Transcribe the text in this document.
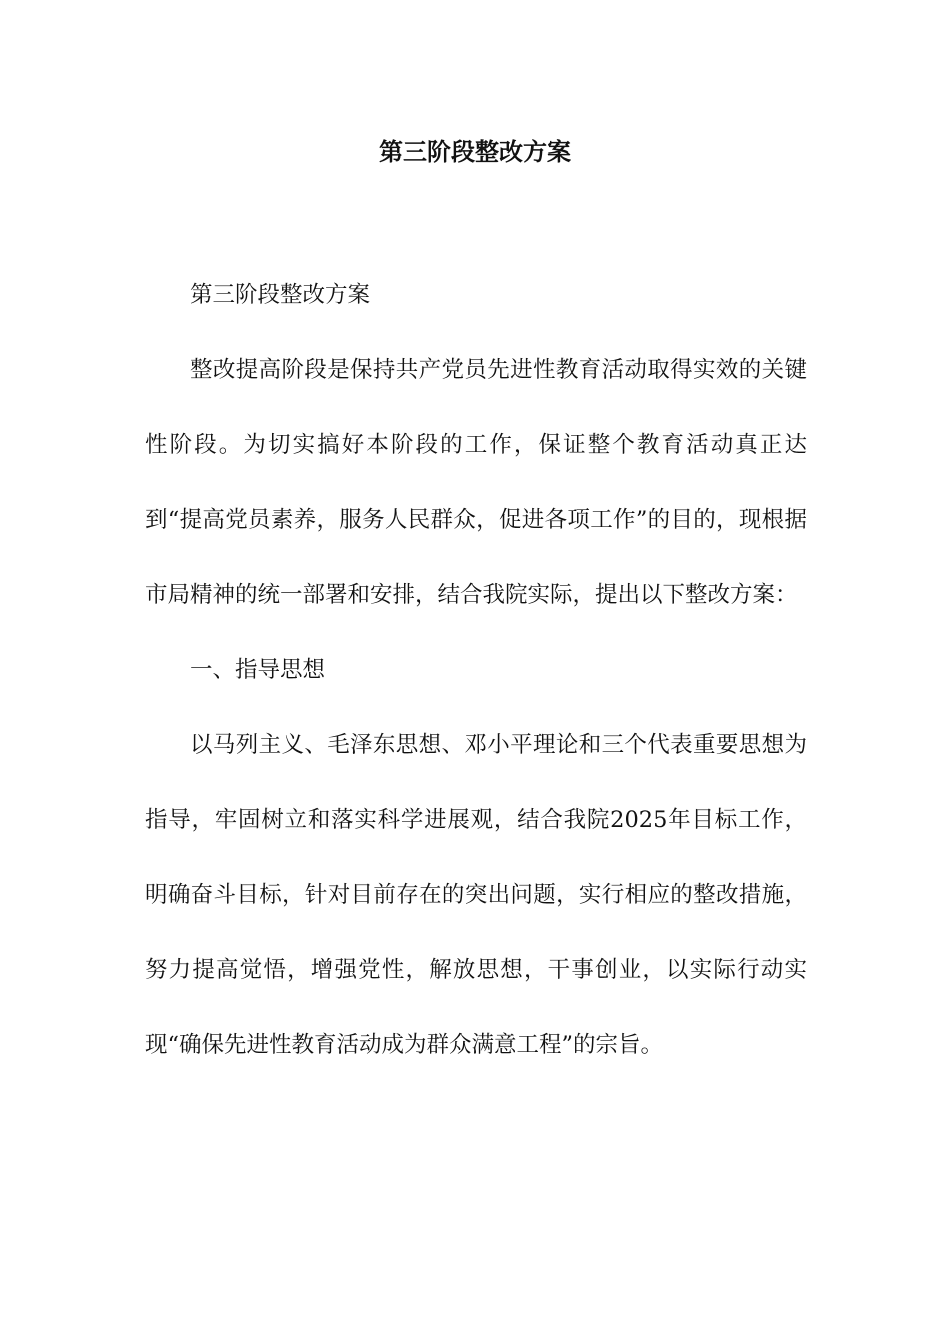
第三阶段整改方案

第三阶段整改方案

整改提高阶段是保持共产党员先进性教育活动取得实效的关键性阶段。为切实搞好本阶段的工作，保证整个教育活动真正达到“提高党员素养，服务人民群众，促进各项工作”的目的，现根据市局精神的统一部署和安排，结合我院实际，提出以下整改方案：

一、指导思想

以马列主义、毛泽东思想、邓小平理论和三个代表重要思想为指导，牢固树立和落实科学进展观，结合我院2025年目标工作，明确奋斗目标，针对目前存在的突出问题，实行相应的整改措施，努力提高觉悟，增强党性，解放思想，干事创业，以实际行动实现“确保先进性教育活动成为群众满意工程”的宗旨。
